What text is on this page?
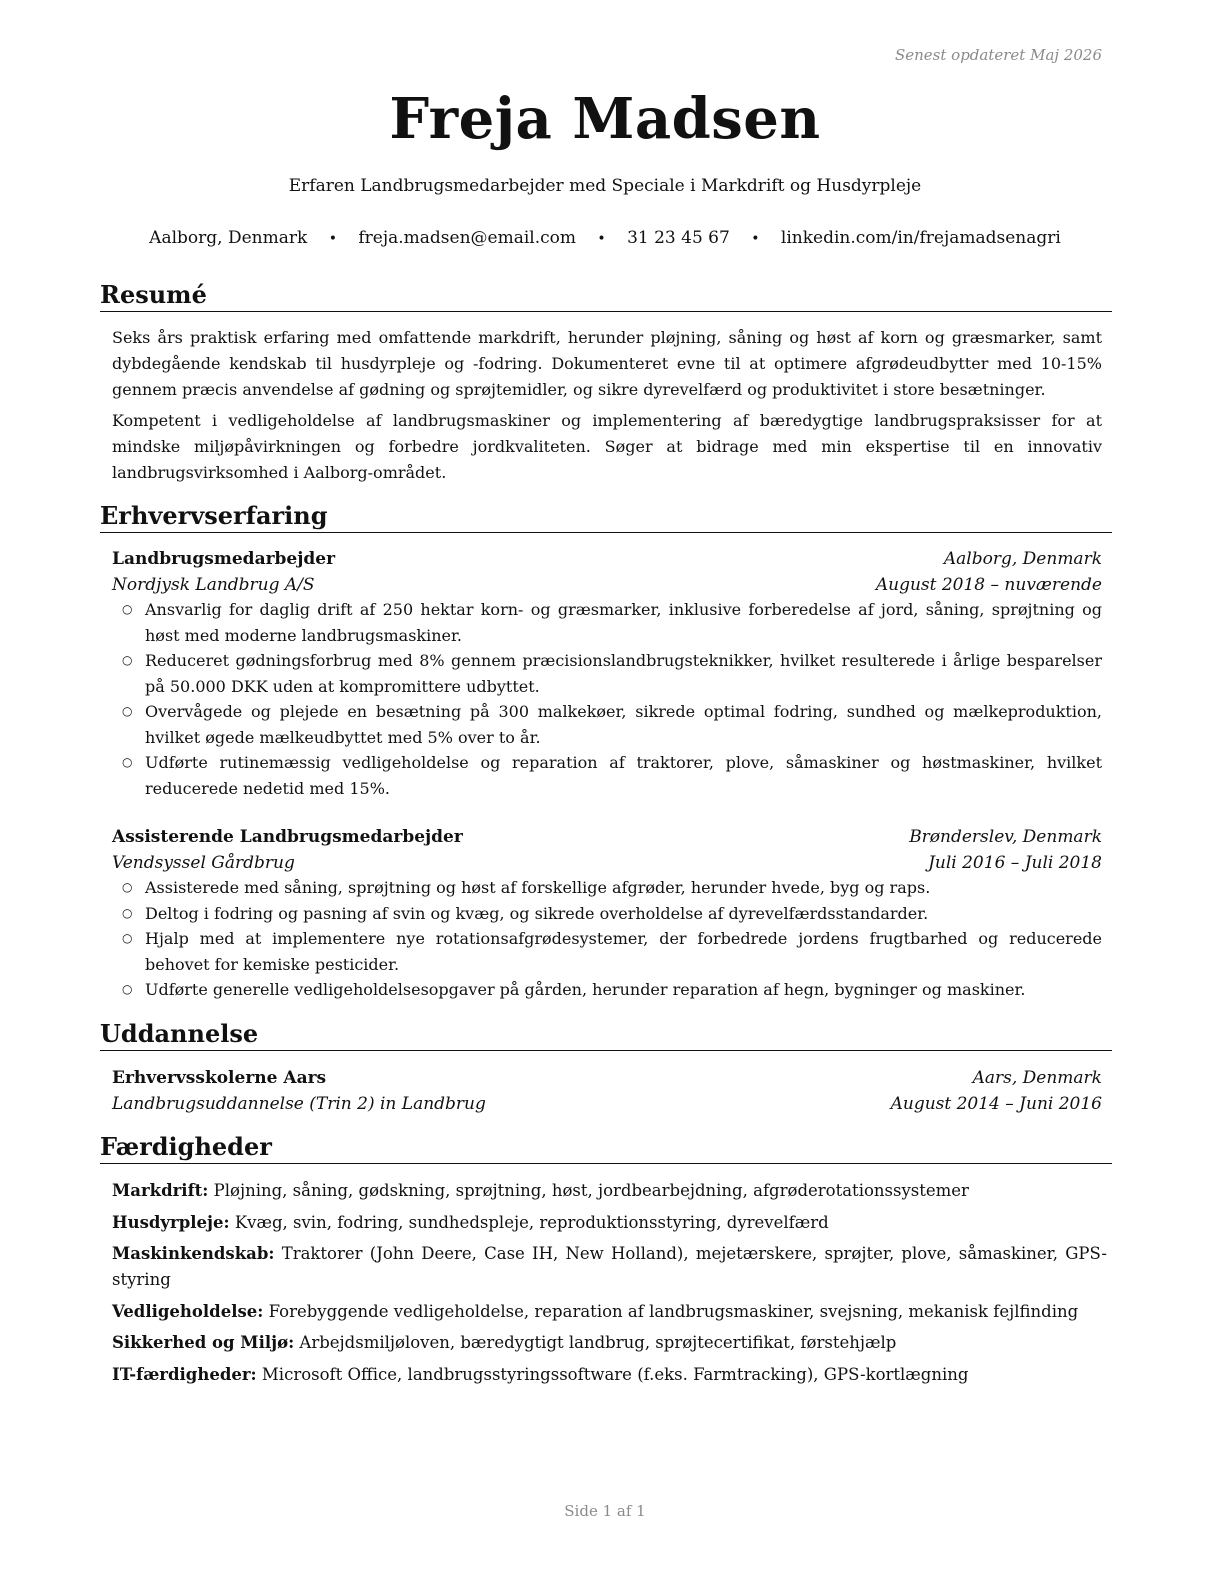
Senest opdateret Maj 2026
Freja Madsen
Erfaren Landbrugsmedarbejder med Speciale i Markdrift og Husdyrpleje
Aalborg, Denmark • freja.madsen@email.com • 31 23 45 67 • linkedin.com/in/frejamadsenagri
Resumé

Seks års praktisk erfaring med omfattende markdrift, herunder pløjning, såning og høst af korn og græsmarker, samt dybdegående kendskab til husdyrpleje og -fodring. Dokumenteret evne til at optimere afgrødeudbytter med 10-15% gennem præcis anvendelse af gødning og sprøjtemidler, og sikre dyrevelfærd og produktivitet i store besætninger.

Kompetent i vedligeholdelse af landbrugsmaskiner og implementering af bæredygtige landbrugspraksisser for at mindske miljøpåvirkningen og forbedre jordkvaliteten. Søger at bidrage med min ekspertise til en innovativ landbrugsvirksomhed i Aalborg-området.

Erhvervserfaring
Landbrugsmedarbejder	Aalborg, Denmark
Nordjysk Landbrug A/S	August 2018 – nuværende
○ Ansvarlig for daglig drift af 250 hektar korn- og græsmarker, inklusive forberedelse af jord, såning, sprøjtning og høst med moderne landbrugsmaskiner.
○ Reduceret gødningsforbrug med 8% gennem præcisionslandbrugsteknikker, hvilket resulterede i årlige besparelser på 50.000 DKK uden at kompromittere udbyttet.
○ Overvågede og plejede en besætning på 300 malkekøer, sikrede optimal fodring, sundhed og mælkeproduktion, hvilket øgede mælkeudbyttet med 5% over to år.
○ Udførte rutinemæssig vedligeholdelse og reparation af traktorer, plove, såmaskiner og høstmaskiner, hvilket reducerede nedetid med 15%.
Assisterende Landbrugsmedarbejder	Brønderslev, Denmark
Vendsyssel Gårdbrug	Juli 2016 – Juli 2018
○ Assisterede med såning, sprøjtning og høst af forskellige afgrøder, herunder hvede, byg og raps.
○ Deltog i fodring og pasning af svin og kvæg, og sikrede overholdelse af dyrevelfærdsstandarder.
○ Hjalp med at implementere nye rotationsafgrødesystemer, der forbedrede jordens frugtbarhed og reducerede behovet for kemiske pesticider.
○ Udførte generelle vedligeholdelsesopgaver på gården, herunder reparation af hegn, bygninger og maskiner.
Uddannelse
Erhvervsskolerne Aars	Aars, Denmark
Landbrugsuddannelse (Trin 2) in Landbrug	August 2014 – Juni 2016
Færdigheder
Markdrift: Pløjning, såning, gødskning, sprøjtning, høst, jordbearbejdning, afgrøderotationssystemer
Husdyrpleje: Kvæg, svin, fodring, sundhedspleje, reproduktionsstyring, dyrevelfærd
Maskinkendskab: Traktorer (John Deere, Case IH, New Holland), mejetærskere, sprøjter, plove, såmaskiner, GPS-styring
Vedligeholdelse: Forebyggende vedligeholdelse, reparation af landbrugsmaskiner, svejsning, mekanisk fejlfinding
Sikkerhed og Miljø: Arbejdsmiljøloven, bæredygtigt landbrug, sprøjtecertifikat, førstehjælp
IT-færdigheder: Microsoft Office, landbrugsstyringssoftware (f.eks. Farmtracking), GPS-kortlægning
Side 1 af 1
